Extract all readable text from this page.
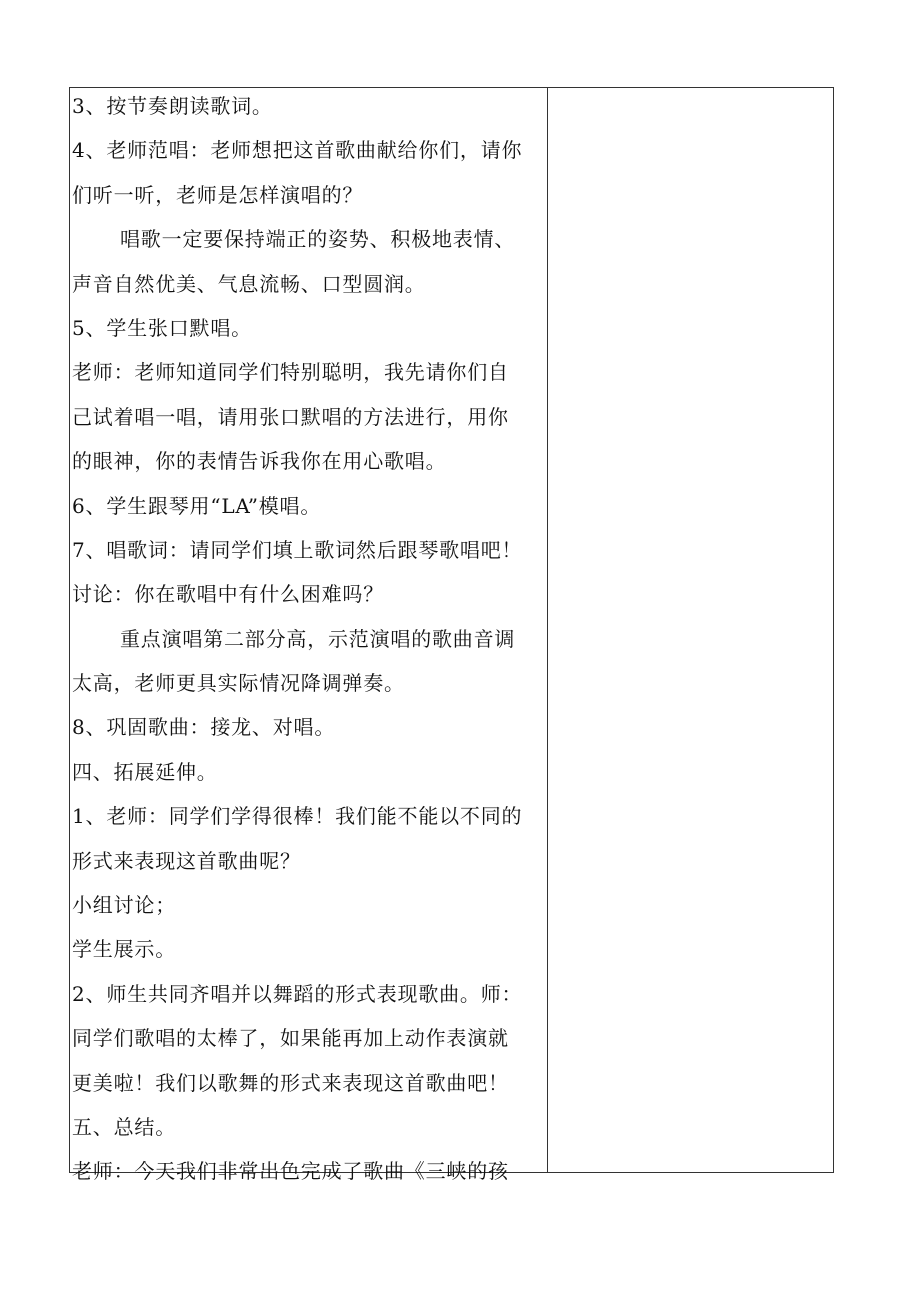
3、按节奏朗读歌词。
4、老师范唱：老师想把这首歌曲献给你们，请你
们听一听，老师是怎样演唱的？
唱歌一定要保持端正的姿势、积极地表情、
声音自然优美、气息流畅、口型圆润。
5、学生张口默唱。
老师：老师知道同学们特别聪明，我先请你们自
己试着唱一唱，请用张口默唱的方法进行，用你
的眼神，你的表情告诉我你在用心歌唱。
6、学生跟琴用“LA”模唱。
7、唱歌词：请同学们填上歌词然后跟琴歌唱吧！
讨论：你在歌唱中有什么困难吗？
重点演唱第二部分高，示范演唱的歌曲音调
太高，老师更具实际情况降调弹奏。
8、巩固歌曲：接龙、对唱。
四、拓展延伸。
1、老师：同学们学得很棒！我们能不能以不同的
形式来表现这首歌曲呢？
小组讨论；
学生展示。
2、师生共同齐唱并以舞蹈的形式表现歌曲。师：
同学们歌唱的太棒了，如果能再加上动作表演就
更美啦！我们以歌舞的形式来表现这首歌曲吧！
五、总结。
老师：今天我们非常出色完成了歌曲《三峡的孩
